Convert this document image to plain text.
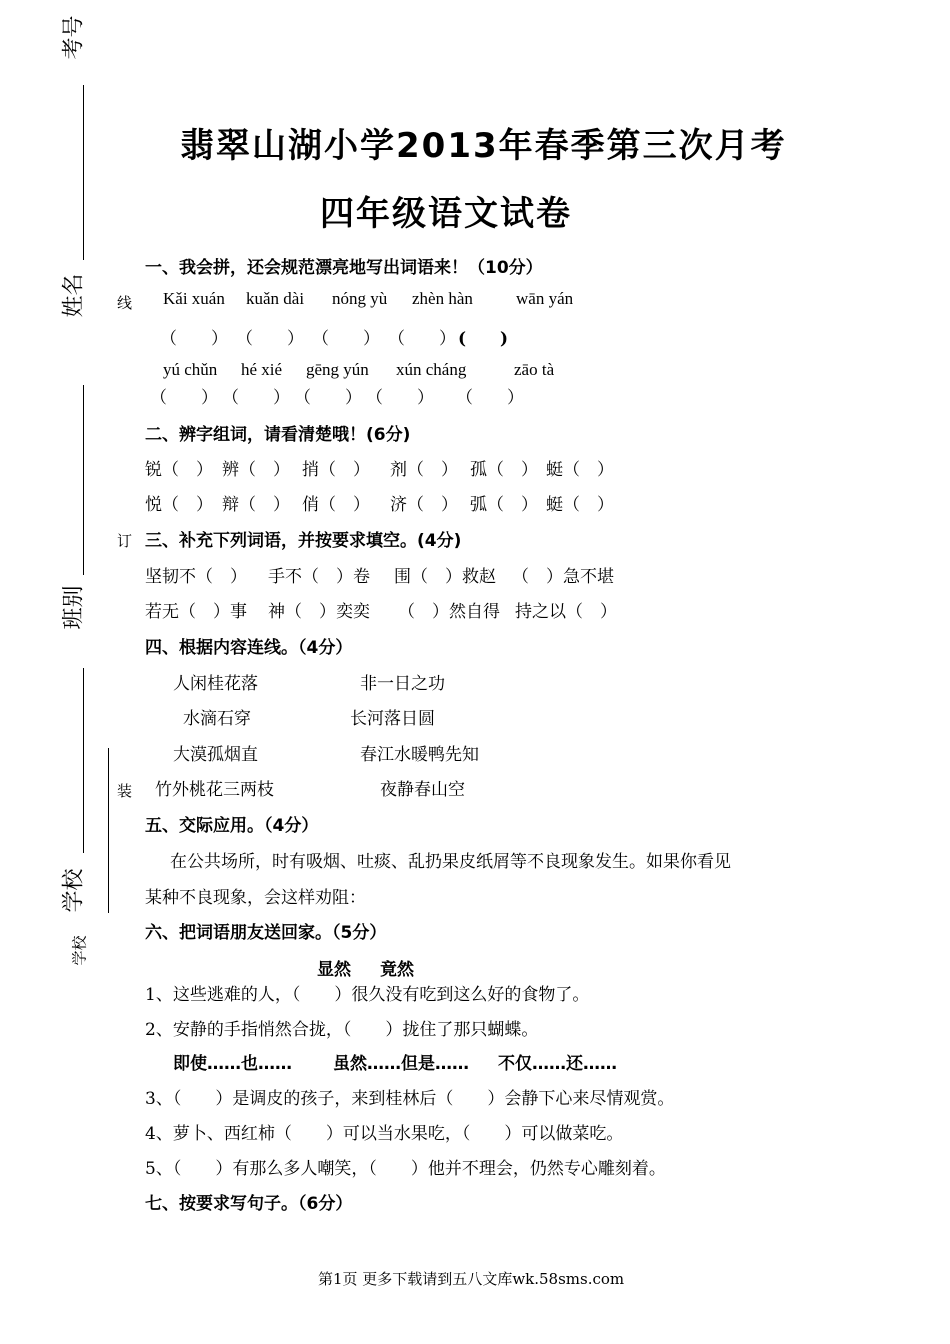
考号
姓名
班别
学校
学校
线
订
装
翡翠山湖小学2013年春季第三次月考
四年级语文试卷
一、我会拼，还会规范漂亮地写出词语来！（10分）
Kǎi xuán kuǎn dài nóng yù zhèn hàn	wān yán
（　　） （　　） （　　） （　　） (　　)
yú chǔn hé xié gēng yún xún cháng	zāo tà
（　　） （　　） （　　） （　　） （　　）
二、辨字组词，请看清楚哦！(6分)
锐（　） 辨（　） 捎（　） 剂（　） 孤（　） 蜓（　）
悦（　） 辩（　） 俏（　） 济（　） 弧（　） 蜓（　）
三、补充下列词语，并按要求填空。(4分)
坚韧不（　） 手不（　）卷 围（　）救赵 （　）急不堪
若无（　）事 神（　）奕奕 （　）然自得 持之以（　）
四、根据内容连线。（4分）
人闲桂花落	非一日之功
水滴石穿	长河落日圆
大漠孤烟直	春江水暖鸭先知
竹外桃花三两枝	夜静春山空
五、交际应用。（4分）
在公共场所，时有吸烟、吐痰、乱扔果皮纸屑等不良现象发生。如果你看见
某种不良现象，会这样劝阻：
六、把词语朋友送回家。（5分）
显然 竟然
1、这些逃难的人，（　　）很久没有吃到这么好的食物了。
2、安静的手指悄然合拢，（　　）拢住了那只蝴蝶。
即使……也…… 虽然……但是…… 不仅……还……
3、（　　）是调皮的孩子，来到桂林后（　　）会静下心来尽情观赏。
4、萝卜、西红柿（　　）可以当水果吃，（　　）可以做菜吃。
5、（　　）有那么多人嘲笑，（　　）他并不理会，仍然专心雕刻着。
七、按要求写句子。（6分）
第1页 更多下载请到五八文库wk.58sms.com
